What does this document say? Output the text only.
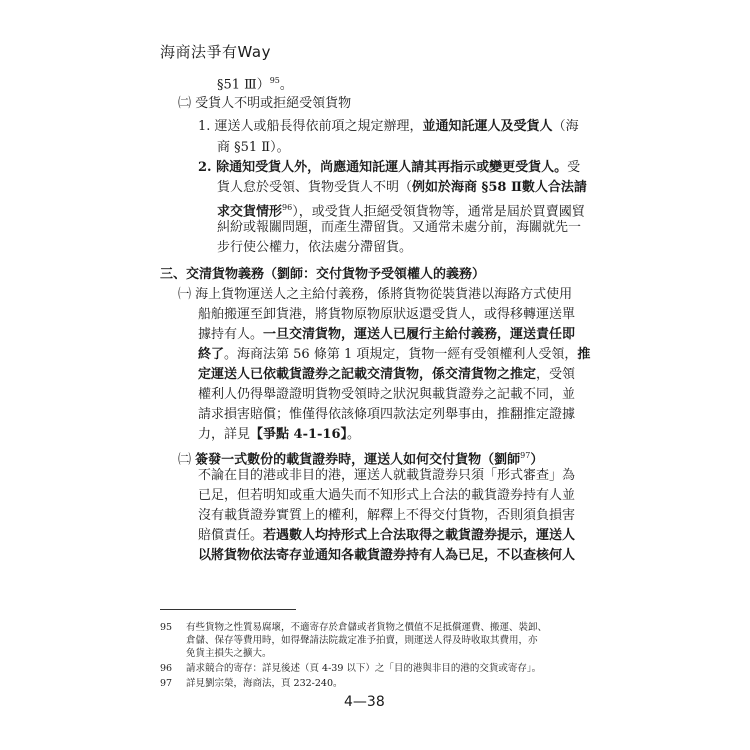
海商法爭有Way
§51 Ⅲ）$^{95}$。
㈡ 受貨人不明或拒絕受領貨物
1. 運送人或船長得依前項之規定辦理，並通知託運人及受貨人（海
商 §51 Ⅱ）。
2. 除通知受貨人外，尚應通知託運人請其再指示或變更受貨人。受
貨人怠於受領、貨物受貨人不明（例如於海商 §58 Ⅱ數人合法請
求交貨情形$^{96}$），或受貨人拒絕受領貨物等，通常是屆於買賣國貿
糾紛或報關問題，而產生滯留貨。又通常未處分前，海關就先一
步行使公權力，依法處分滯留貨。
三、交清貨物義務（劉師：交付貨物予受領權人的義務）
㈠ 海上貨物運送人之主給付義務，係將貨物從裝貨港以海路方式使用
船舶搬運至卸貨港，將貨物原物原狀返還受貨人，或得移轉運送單
據持有人。一旦交清貨物，運送人已履行主給付義務，運送責任即
終了。海商法第 56 條第 1 項規定，貨物一經有受領權利人受領，推
定運送人已依載貨證券之記載交清貨物，係交清貨物之推定，受領
權利人仍得舉證證明貨物受領時之狀況與載貨證券之記載不同，並
請求損害賠償；惟僅得依該條項四款法定列舉事由，推翻推定證據
力，詳見【爭點 4-1-16】。
㈡ 簽發一式數份的載貨證券時，運送人如何交付貨物（劉師$^{97}$）
不論在目的港或非目的港，運送人就載貨證券只須「形式審查」為
已足，但若明知或重大過失而不知形式上合法的載貨證券持有人並
沒有載貨證券實質上的權利，解釋上不得交付貨物，否則須負損害
賠償責任。若遇數人均持形式上合法取得之載貨證券提示，運送人
以將貨物依法寄存並通知各載貨證券持有人為已足，不以查核何人
95 有些貨物之性質易腐壞，不適寄存於倉儲或者貨物之價值不足抵償運費、搬運、裝卸、
倉儲、保存等費用時，如得聲請法院裁定准予拍賣，則運送人得及時收取其費用，亦
免貨主損失之擴大。
96 請求競合的寄存：詳見後述（頁 4-39 以下）之「目的港與非目的港的交貨或寄存」。
97 詳見劉宗榮，海商法，頁 232-240。
4—38
